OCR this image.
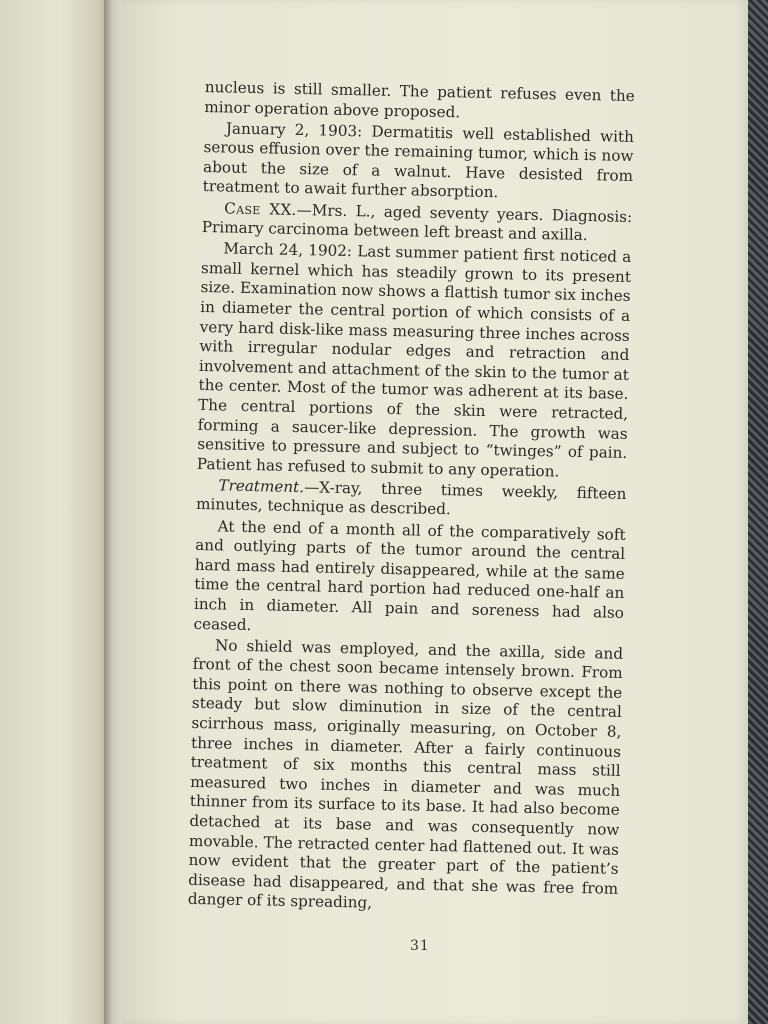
nucleus is still smaller. The patient refuses even the minor operation above proposed.

January 2, 1903: Dermatitis well established with serous effusion over the remaining tumor, which is now about the size of a walnut. Have desisted from treatment to await further absorption.

Case XX.—Mrs. L., aged seventy years. Diagnosis: Primary carcinoma between left breast and axilla.

March 24, 1902: Last summer patient first noticed a small kernel which has steadily grown to its present size. Examination now shows a flattish tumor six inches in diameter the central portion of which consists of a very hard disk-like mass measuring three inches across with irregular nodular edges and retraction and involvement and attachment of the skin to the tumor at the center. Most of the tumor was adherent at its base. The central portions of the skin were retracted, forming a saucer-like depression. The growth was sensitive to pressure and subject to “twinges” of pain. Patient has refused to submit to any operation.

Treatment.—X-ray, three times weekly, fifteen minutes, technique as described.

At the end of a month all of the comparatively soft and outlying parts of the tumor around the central hard mass had entirely disappeared, while at the same time the central hard portion had reduced one-half an inch in diameter. All pain and soreness had also ceased.

No shield was employed, and the axilla, side and front of the chest soon became intensely brown. From this point on there was nothing to observe except the steady but slow diminution in size of the central scirrhous mass, originally measuring, on October 8, three inches in diameter. After a fairly continuous treatment of six months this central mass still measured two inches in diameter and was much thinner from its surface to its base. It had also become detached at its base and was consequently now movable. The retracted center had flattened out. It was now evident that the greater part of the patient’s disease had disappeared, and that she was free from danger of its spreading,

31
